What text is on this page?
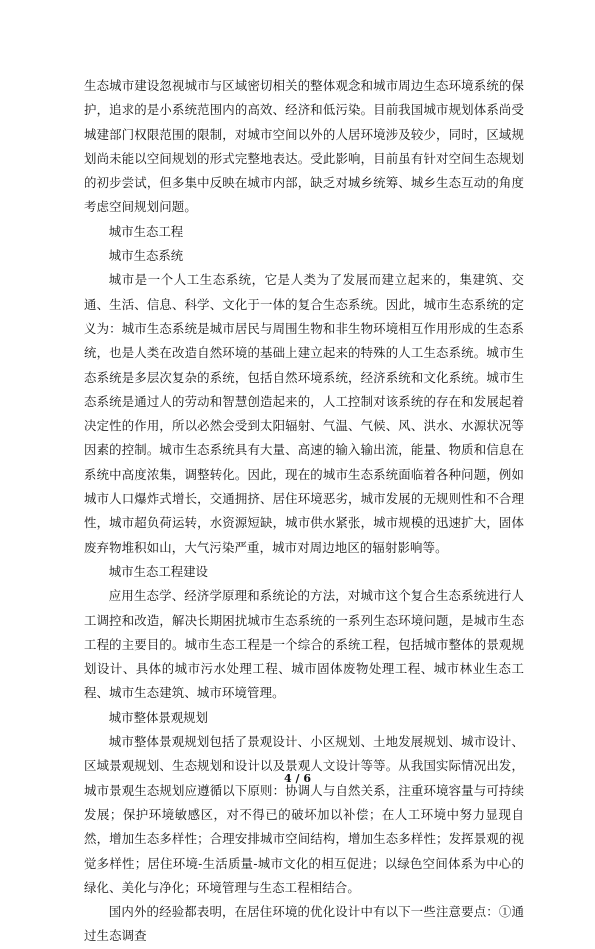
生态城市建设忽视城市与区域密切相关的整体观念和城市周边生态环境系统的保护，追求的是小系统范围内的高效、经济和低污染。目前我国城市规划体系尚受城建部门权限范围的限制，对城市空间以外的人居环境涉及较少，同时，区域规划尚未能以空间规划的形式完整地表达。受此影响，目前虽有针对空间生态规划的初步尝试，但多集中反映在城市内部，缺乏对城乡统筹、城乡生态互动的角度考虑空间规划问题。

城市生态工程

城市生态系统

城市是一个人工生态系统，它是人类为了发展而建立起来的，集建筑、交通、生活、信息、科学、文化于一体的复合生态系统。因此，城市生态系统的定义为：城市生态系统是城市居民与周围生物和非生物环境相互作用形成的生态系统，也是人类在改造自然环境的基础上建立起来的特殊的人工生态系统。城市生态系统是多层次复杂的系统，包括自然环境系统，经济系统和文化系统。城市生态系统是通过人的劳动和智慧创造起来的，人工控制对该系统的存在和发展起着决定性的作用，所以必然会受到太阳辐射、气温、气候、风、洪水、水源状况等因素的控制。城市生态系统具有大量、高速的输入输出流，能量、物质和信息在系统中高度浓集，调整转化。因此，现在的城市生态系统面临着各种问题，例如城市人口爆炸式增长，交通拥挤、居住环境恶劣，城市发展的无规则性和不合理性，城市超负荷运转，水资源短缺，城市供水紧张，城市规模的迅速扩大，固体废弃物堆积如山，大气污染严重，城市对周边地区的辐射影响等。

城市生态工程建设

应用生态学、经济学原理和系统论的方法，对城市这个复合生态系统进行人工调控和改造，解决长期困扰城市生态系统的一系列生态环境问题，是城市生态工程的主要目的。城市生态工程是一个综合的系统工程，包括城市整体的景观规划设计、具体的城市污水处理工程、城市固体废物处理工程、城市林业生态工程、城市生态建筑、城市环境管理。

城市整体景观规划

城市整体景观规划包括了景观设计、小区规划、土地发展规划、城市设计、区域景观规划、生态规划和设计以及景观人文设计等等。从我国实际情况出发，城市景观生态规划应遵循以下原则：协调人与自然关系，注重环境容量与可持续发展；保护环境敏感区，对不得已的破坏加以补偿；在人工环境中努力显现自然，增加生态多样性；合理安排城市空间结构，增加生态多样性；发挥景观的视觉多样性；居住环境-生活质量-城市文化的相互促进；以绿色空间体系为中心的绿化、美化与净化；环境管理与生态工程相结合。

国内外的经验都表明，在居住环境的优化设计中有以下一些注意要点：①通过生态调查

4 / 6
